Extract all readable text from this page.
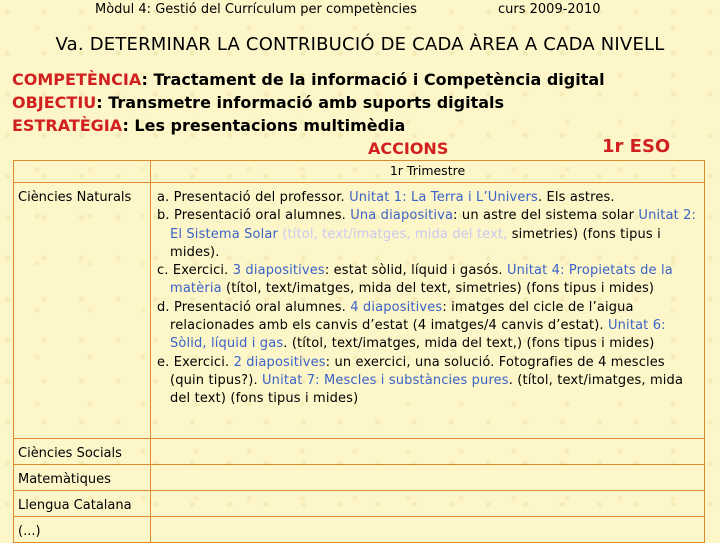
Mòdul 4: Gestió del Currículum per competències	curs 2009-2010
Va. DETERMINAR LA CONTRIBUCIÓ DE CADA ÀREA A CADA NIVELL
COMPETÈNCIA: Tractament de la informació i Competència digital
OBJECTIU: Transmetre informació amb suports digitals
ESTRATÈGIA: Les presentacions multimèdia
ACCIONS	1r ESO
	1r Trimestre
Ciències Naturals	a. Presentació del professor. Unitat 1: La Terra i L’Univers. Els astres.
b. Presentació oral alumnes. Una diapositiva: un astre del sistema solar Unitat 2: El Sistema Solar (títol, text/imatges, mida del text, simetries) (fons tipus i mides).
c. Exercici. 3 diapositives: estat sòlid, líquid i gasós. Unitat 4: Propietats de la matèria (títol, text/imatges, mida del text, simetries) (fons tipus i mides)
d. Presentació oral alumnes. 4 diapositives: imatges del cicle de l’aigua relacionades amb els canvis d’estat (4 imatges/4 canvis d’estat). Unitat 6: Sòlid, líquid i gas. (títol, text/imatges, mida del text,) (fons tipus i mides)
e. Exercici. 2 diapositives: un exercici, una solució. Fotografies de 4 mescles (quin tipus?). Unitat 7: Mescles i substàncies pures. (títol, text/imatges, mida del text) (fons tipus i mides)

Ciències Socials	
Matemàtiques	
Llengua Catalana	
(...)	
